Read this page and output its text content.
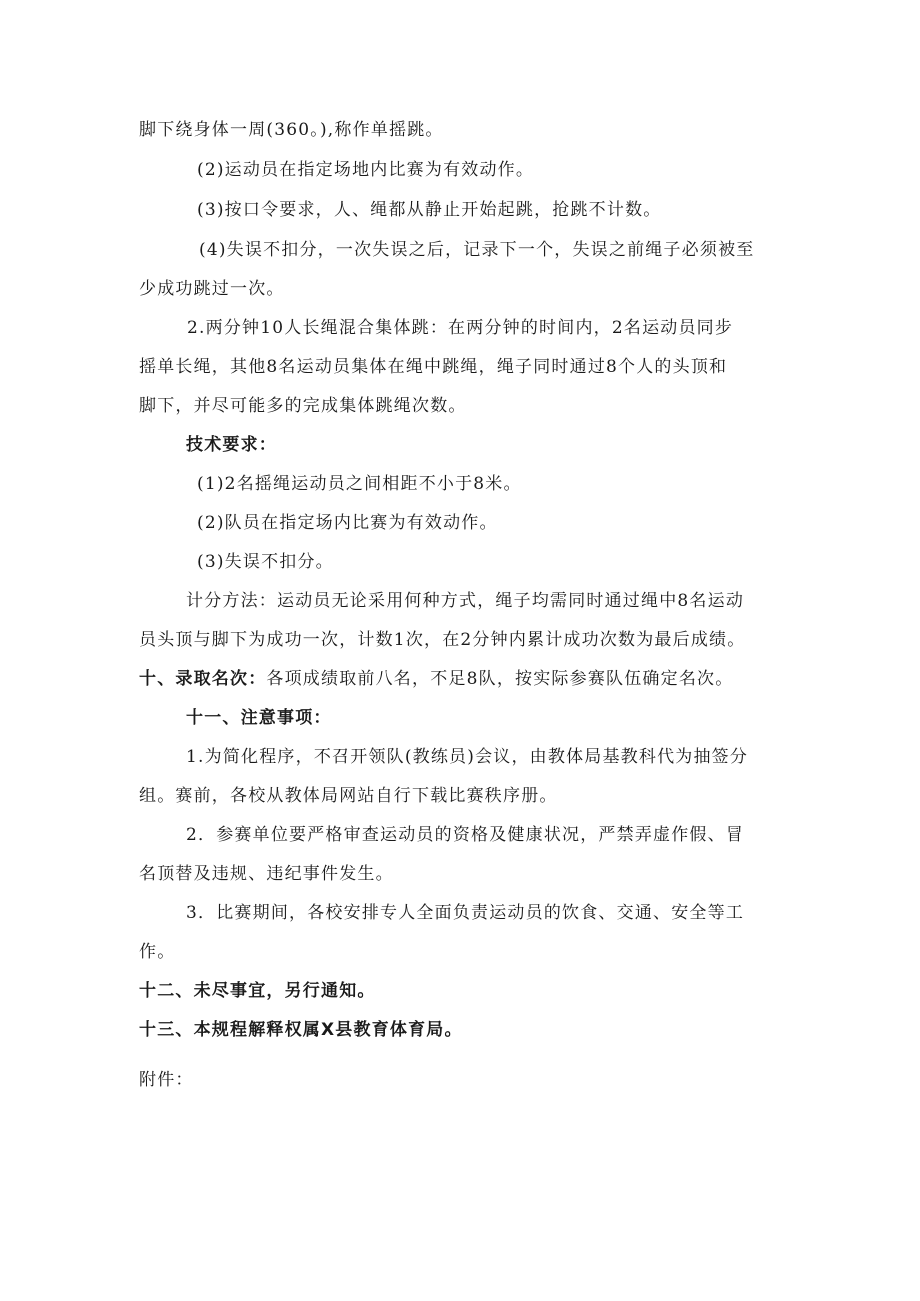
脚下绕身体一周(360。),称作单摇跳。
(2)运动员在指定场地内比赛为有效动作。
(3)按口令要求，人、绳都从静止开始起跳，抢跳不计数。
(4)失误不扣分，一次失误之后，记录下一个，失误之前绳子必须被至
少成功跳过一次。
2.两分钟10人长绳混合集体跳：在两分钟的时间内，2名运动员同步
摇单长绳，其他8名运动员集体在绳中跳绳，绳子同时通过8个人的头顶和
脚下，并尽可能多的完成集体跳绳次数。
技术要求：
(1)2名摇绳运动员之间相距不小于8米。
(2)队员在指定场内比赛为有效动作。
(3)失误不扣分。
计分方法：运动员无论采用何种方式，绳子均需同时通过绳中8名运动
员头顶与脚下为成功一次，计数1次，在2分钟内累计成功次数为最后成绩。
十、录取名次：各项成绩取前八名，不足8队，按实际参赛队伍确定名次。
十一、注意事项：
1.为简化程序，不召开领队(教练员)会议，由教体局基教科代为抽签分
组。赛前，各校从教体局网站自行下载比赛秩序册。
2．参赛单位要严格审查运动员的资格及健康状况，严禁弄虚作假、冒
名顶替及违规、违纪事件发生。
3．比赛期间，各校安排专人全面负责运动员的饮食、交通、安全等工
作。
十二、未尽事宜，另行通知。
十三、本规程解释权属X县教育体育局。
附件：
